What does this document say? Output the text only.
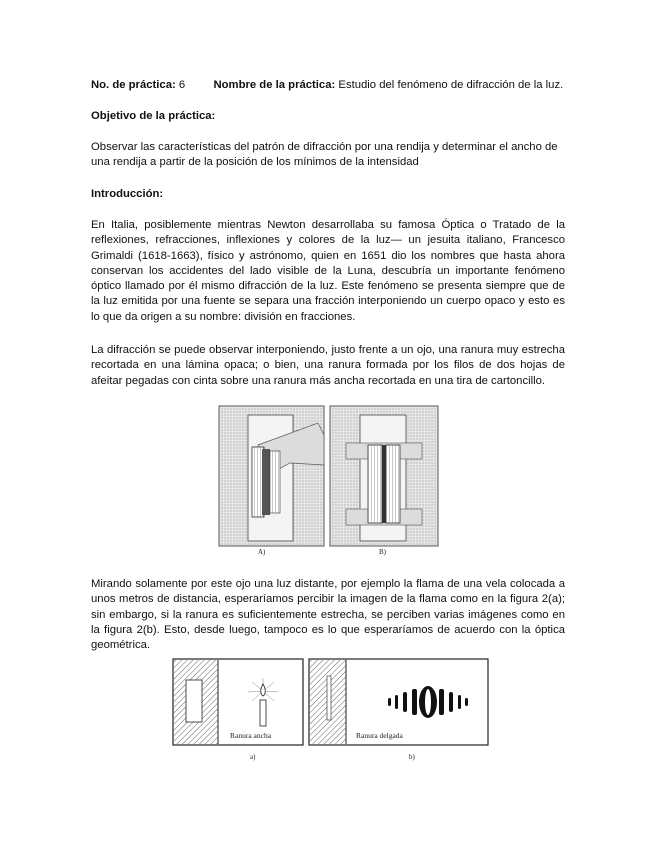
No. de práctica: 6	Nombre de la práctica: Estudio del fenómeno de difracción de la luz.

Objetivo de la práctica:

Observar las características del patrón de difracción por una rendija y determinar el ancho de una rendija a partir de la posición de los mínimos de la intensidad

Introducción:

En Italia, posiblemente mientras Newton desarrollaba su famosa Óptica o Tratado de la reflexiones, refracciones, inflexiones y colores de la luz— un jesuita italiano, Francesco Grimaldi (1618-1663), físico y astrónomo, quien en 1651 dio los nombres que hasta ahora conservan los accidentes del lado visible de la Luna, descubría un importante fenómeno óptico llamado por él mismo difracción de la luz. Este fenómeno se presenta siempre que de la luz emitida por una fuente se separa una fracción interponiendo un cuerpo opaco y esto es lo que da origen a su nombre: división en fracciones.

La difracción se puede observar interponiendo, justo frente a un ojo, una ranura muy estrecha recortada en una lámina opaca; o bien, una ranura formada por los filos de dos hojas de afeitar pegadas con cinta sobre una ranura más ancha recortada en una tira de cartoncillo.

A)	B)

Mirando solamente por este ojo una luz distante, por ejemplo la flama de una vela colocada a unos metros de distancia, esperaríamos percibir la imagen de la flama como en la figura 2(a); sin embargo, si la ranura es suficientemente estrecha, se perciben varias imágenes como en la figura 2(b). Esto, desde luego, tampoco es lo que esperaríamos de acuerdo con la óptica geométrica.

Ranura ancha	Ranura delgada
a)	b)
